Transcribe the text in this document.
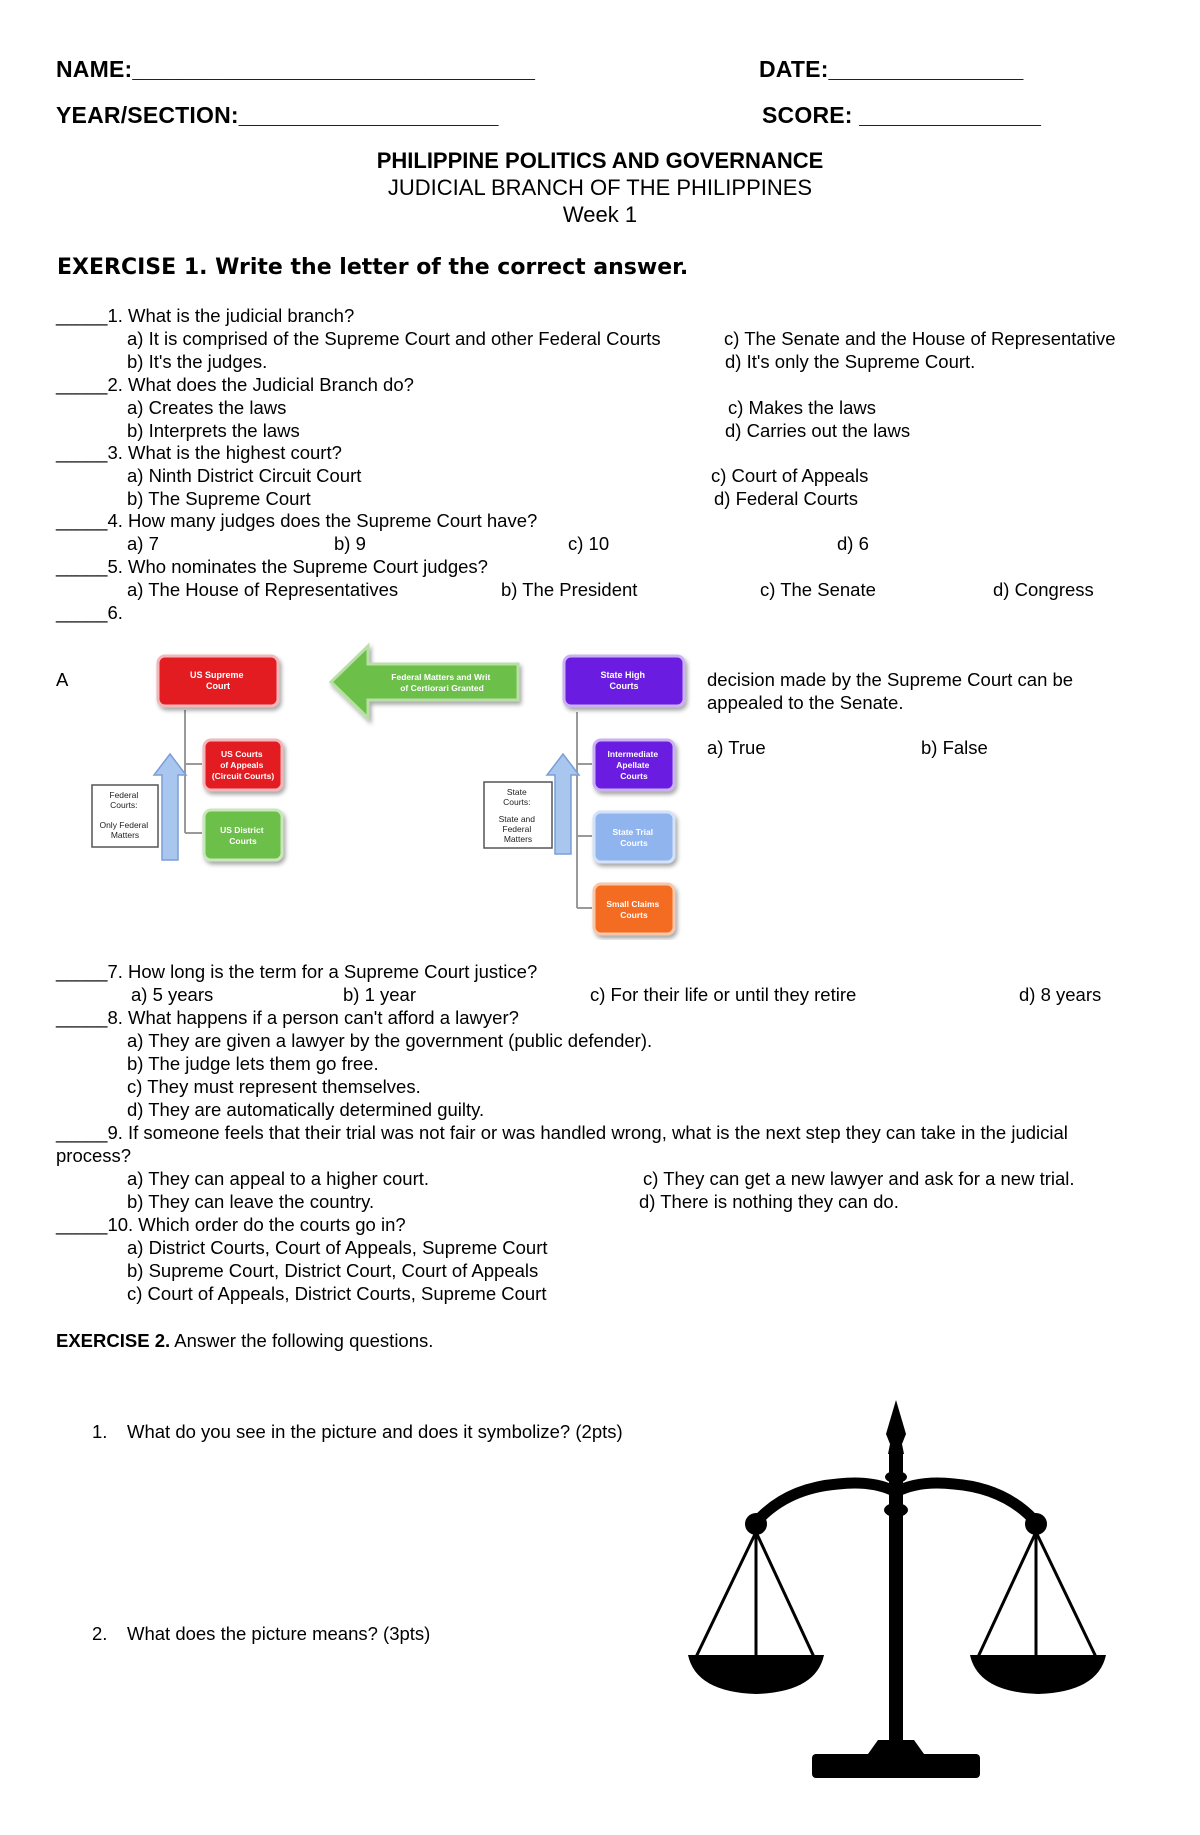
NAME:_______________________________	DATE:_______________
YEAR/SECTION:____________________	SCORE: ______________
PHILIPPINE POLITICS AND GOVERNANCE
JUDICIAL BRANCH OF THE PHILIPPINES
Week 1
EXERCISE 1. Write the letter of the correct answer.
_____1. What is the judicial branch?
a) It is comprised of the Supreme Court and other Federal Courts
b) It's the judges.
c) The Senate and the House of Representative
d) It's only the Supreme Court.
_____2. What does the Judicial Branch do?
a) Creates the laws
b) Interprets the laws
c) Makes the laws
d) Carries out the laws
_____3. What is the highest court?
a) Ninth District Circuit Court
b) The Supreme Court
c) Court of Appeals
d) Federal Courts
_____4. How many judges does the Supreme Court have?
a) 7	b) 9	c) 10	d) 6
_____5. Who nominates the Supreme Court judges?
a) The House of Representatives	b) The President	c) The Senate	d) Congress
_____6.
A	decision made by the Supreme Court can be
appealed to the Senate.
a) True	b) False
Federal Courts: Only Federal Matters
US Supreme Court
US Courts of Appeals (Circuit Courts)
US District Courts
Federal Matters and Writ of Certiorari Granted
State Courts: State and Federal Matters
State High Courts
Intermediate Apellate Courts
State Trial Courts
Small Claims Courts
_____7. How long is the term for a Supreme Court justice?
a) 5 years	b) 1 year	c) For their life or until they retire	d) 8 years
_____8. What happens if a person can't afford a lawyer?
a) They are given a lawyer by the government (public defender).
b) The judge lets them go free.
c) They must represent themselves.
d) They are automatically determined guilty.
_____9. If someone feels that their trial was not fair or was handled wrong, what is the next step they can take in the judicial
process?
a) They can appeal to a higher court.
b) They can leave the country.
c) They can get a new lawyer and ask for a new trial.
d) There is nothing they can do.
_____10. Which order do the courts go in?
a) District Courts, Court of Appeals, Supreme Court
b) Supreme Court, District Court, Court of Appeals
c) Court of Appeals, District Courts, Supreme Court
EXERCISE 2. Answer the following questions.
1. What do you see in the picture and does it symbolize? (2pts)
2. What does the picture means? (3pts)
